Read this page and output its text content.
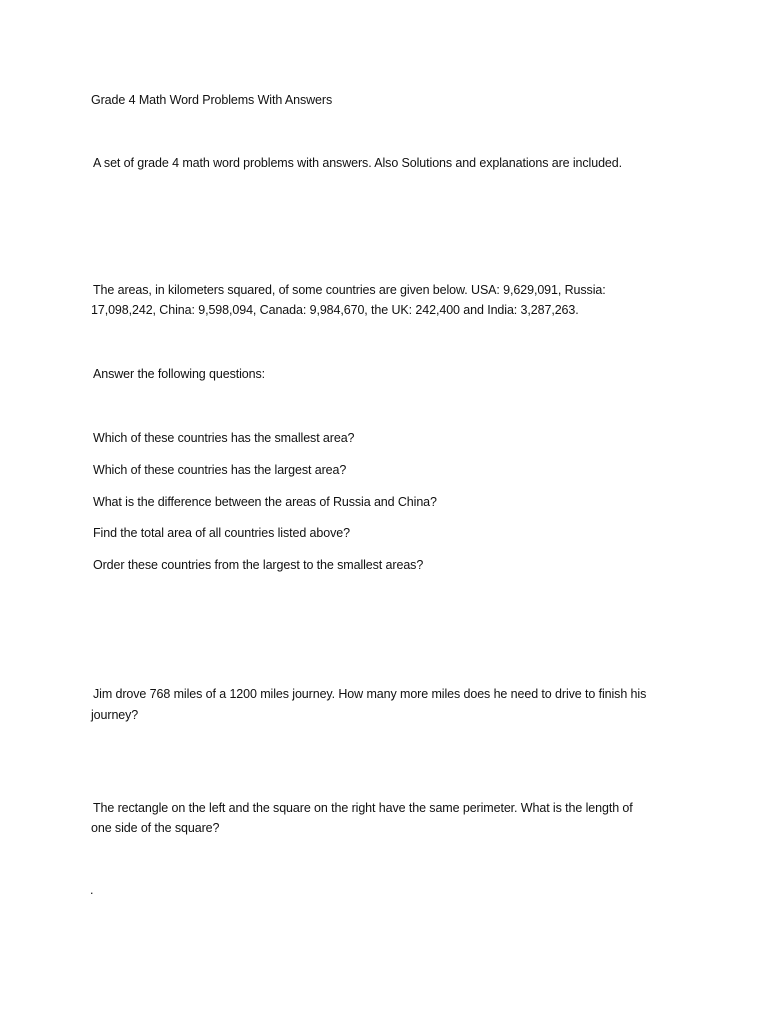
Grade 4 Math Word Problems With Answers
A set of grade 4 math word problems with answers. Also Solutions and explanations are included.
The areas, in kilometers squared, of some countries are given below. USA: 9,629,091, Russia:
17,098,242, China: 9,598,094, Canada: 9,984,670, the UK: 242,400 and India: 3,287,263.
Answer the following questions:
Which of these countries has the smallest area?
Which of these countries has the largest area?
What is the difference between the areas of Russia and China?
Find the total area of all countries listed above?
Order these countries from the largest to the smallest areas?
Jim drove 768 miles of a 1200 miles journey. How many more miles does he need to drive to finish his
journey?
The rectangle on the left and the square on the right have the same perimeter. What is the length of
one side of the square?
.
